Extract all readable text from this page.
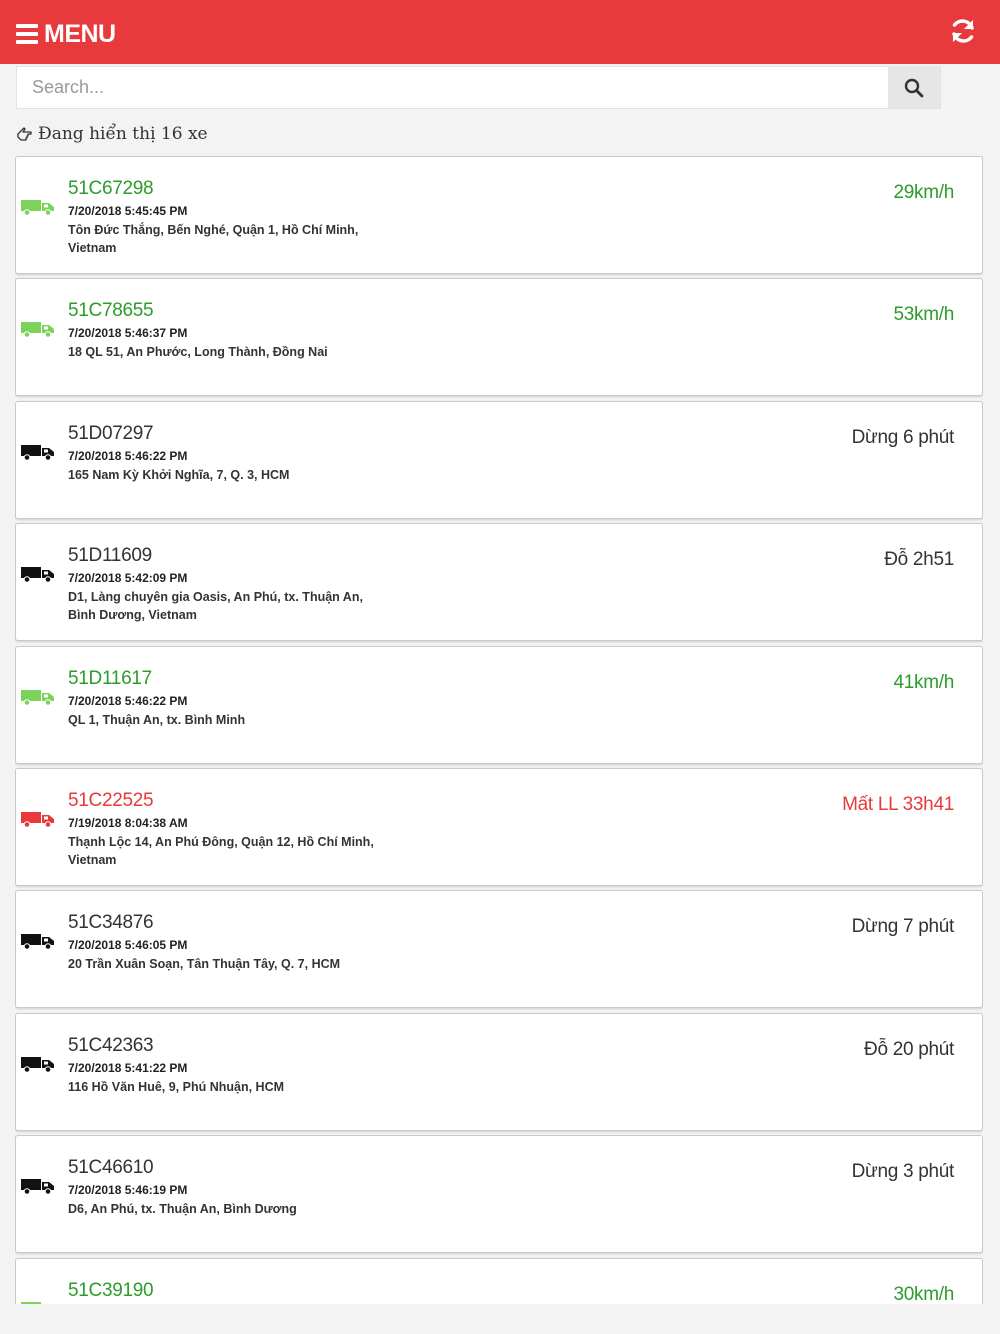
MENU
Search...
Đang hiển thị 16 xe
51C67298
7/20/2018 5:45:45 PM
Tôn Đức Thắng, Bến Nghé, Quận 1, Hồ Chí Minh, Vietnam
29km/h
51C78655
7/20/2018 5:46:37 PM
18 QL 51, An Phước, Long Thành, Đồng Nai
53km/h
51D07297
7/20/2018 5:46:22 PM
165 Nam Kỳ Khởi Nghĩa, 7, Q. 3, HCM
Dừng 6 phút
51D11609
7/20/2018 5:42:09 PM
D1, Làng chuyên gia Oasis, An Phú, tx. Thuận An, Bình Dương, Vietnam
Đỗ 2h51
51D11617
7/20/2018 5:46:22 PM
QL 1, Thuận An, tx. Bình Minh
41km/h
51C22525
7/19/2018 8:04:38 AM
Thạnh Lộc 14, An Phú Đông, Quận 12, Hồ Chí Minh, Vietnam
Mất LL 33h41
51C34876
7/20/2018 5:46:05 PM
20 Trần Xuân Soạn, Tân Thuận Tây, Q. 7, HCM
Dừng 7 phút
51C42363
7/20/2018 5:41:22 PM
116 Hồ Văn Huê, 9, Phú Nhuận, HCM
Đỗ 20 phút
51C46610
7/20/2018 5:46:19 PM
D6, An Phú, tx. Thuận An, Bình Dương
Dừng 3 phút
51C39190	30km/h
